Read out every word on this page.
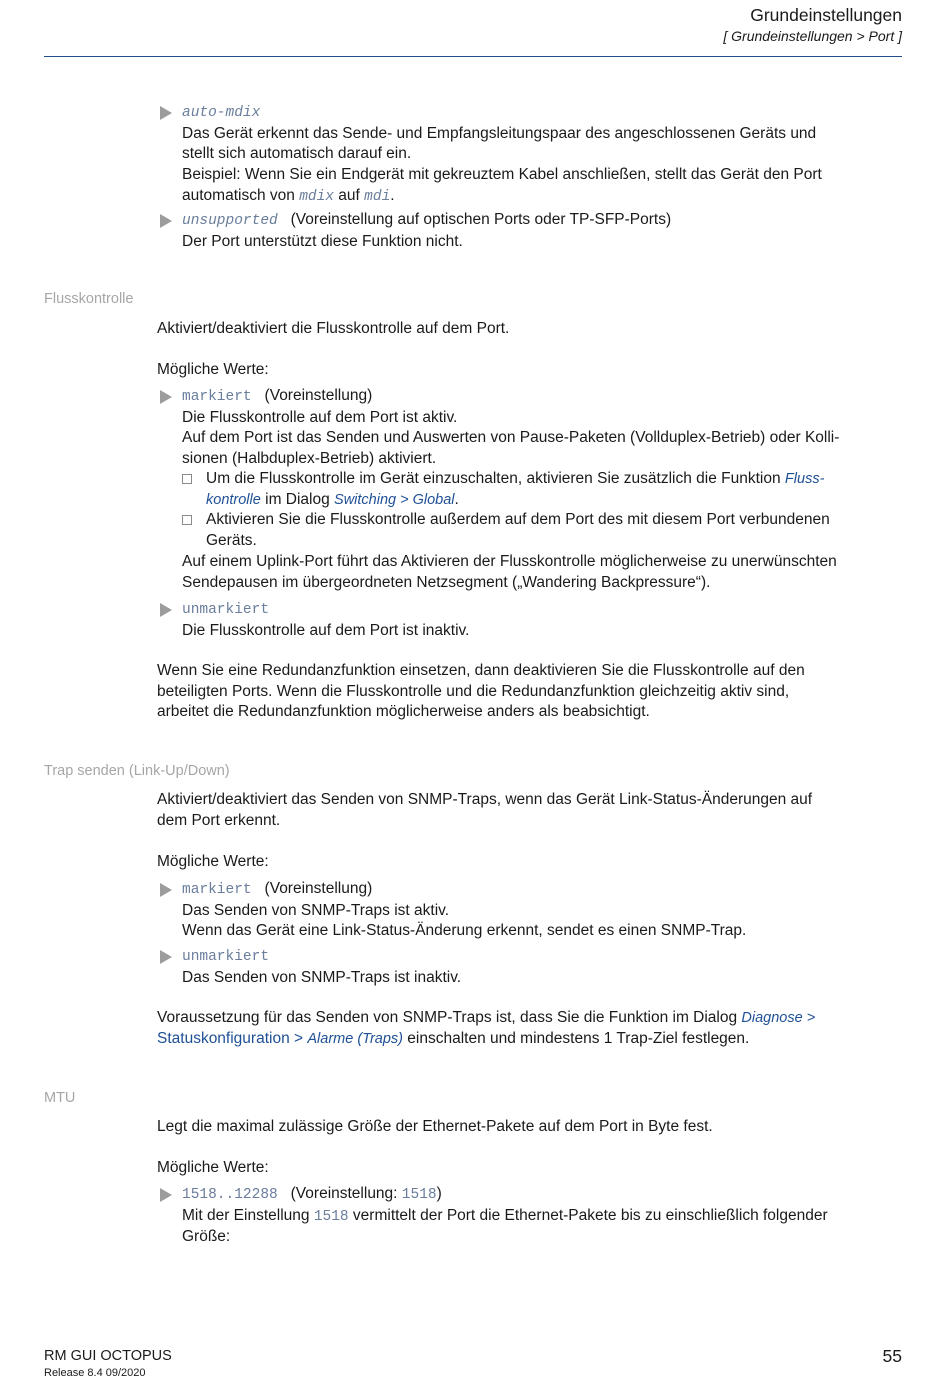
Grundeinstellungen
[ Grundeinstellungen > Port ]
auto-mdix
Das Gerät erkennt das Sende- und Empfangsleitungspaar des angeschlossenen Geräts und
stellt sich automatisch darauf ein.
Beispiel: Wenn Sie ein Endgerät mit gekreuztem Kabel anschließen, stellt das Gerät den Port
automatisch von mdix auf mdi.
unsupported (Voreinstellung auf optischen Ports oder TP-SFP-Ports)
Der Port unterstützt diese Funktion nicht.
Flusskontrolle
Aktiviert/deaktiviert die Flusskontrolle auf dem Port.
Mögliche Werte:
markiert (Voreinstellung)
Die Flusskontrolle auf dem Port ist aktiv.
Auf dem Port ist das Senden und Auswerten von Pause-Paketen (Vollduplex-Betrieb) oder Kolli-
sionen (Halbduplex-Betrieb) aktiviert.
Um die Flusskontrolle im Gerät einzuschalten, aktivieren Sie zusätzlich die Funktion Fluss-
kontrolle im Dialog Switching > Global.
Aktivieren Sie die Flusskontrolle außerdem auf dem Port des mit diesem Port verbundenen
Geräts.
Auf einem Uplink-Port führt das Aktivieren der Flusskontrolle möglicherweise zu unerwünschten
Sendepausen im übergeordneten Netzsegment („Wandering Backpressure“).
unmarkiert
Die Flusskontrolle auf dem Port ist inaktiv.
Wenn Sie eine Redundanzfunktion einsetzen, dann deaktivieren Sie die Flusskontrolle auf den
beteiligten Ports. Wenn die Flusskontrolle und die Redundanzfunktion gleichzeitig aktiv sind,
arbeitet die Redundanzfunktion möglicherweise anders als beabsichtigt.
Trap senden (Link-Up/Down)
Aktiviert/deaktiviert das Senden von SNMP-Traps, wenn das Gerät Link-Status-Änderungen auf
dem Port erkennt.
Mögliche Werte:
markiert (Voreinstellung)
Das Senden von SNMP-Traps ist aktiv.
Wenn das Gerät eine Link-Status-Änderung erkennt, sendet es einen SNMP-Trap.
unmarkiert
Das Senden von SNMP-Traps ist inaktiv.
Voraussetzung für das Senden von SNMP-Traps ist, dass Sie die Funktion im Dialog Diagnose >
Statuskonfiguration > Alarme (Traps) einschalten und mindestens 1 Trap-Ziel festlegen.
MTU
Legt die maximal zulässige Größe der Ethernet-Pakete auf dem Port in Byte fest.
Mögliche Werte:
1518..12288 (Voreinstellung: 1518)
Mit der Einstellung 1518 vermittelt der Port die Ethernet-Pakete bis zu einschließlich folgender
Größe:
RM GUI OCTOPUS
Release 8.4 09/2020
55
